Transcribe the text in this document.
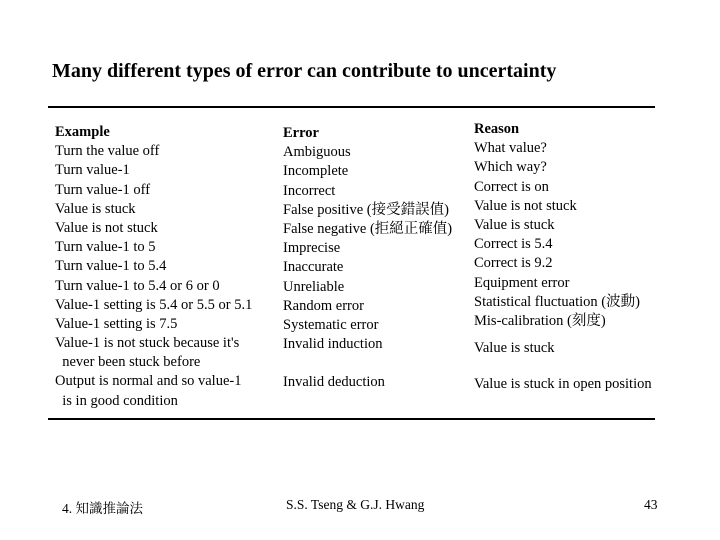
Many different types of error can contribute to uncertainty
Example
Turn the value off
Turn value-1
Turn value-1 off
Value is stuck
Value is not stuck
Turn value-1 to 5
Turn value-1 to 5.4
Turn value-1 to 5.4 or 6 or 0
Value-1 setting is 5.4 or 5.5 or 5.1
Value-1 setting is 7.5
Value-1 is not stuck because it's
never been stuck before
Output is normal and so value-1
is in good condition
Error
Ambiguous
Incomplete
Incorrect
False positive (接受錯誤值)
False negative (拒絕正確值)
Imprecise
Inaccurate
Unreliable
Random error
Systematic error
Invalid induction
Invalid deduction
Reason
What value?
Which way?
Correct is on
Value is not stuck
Value is stuck
Correct is 5.4
Correct is 9.2
Equipment error
Statistical fluctuation (波動)
Mis-calibration (刻度)
Value is stuck
Value is stuck in open position
4. 知識推論法	S.S. Tseng & G.J. Hwang	43
